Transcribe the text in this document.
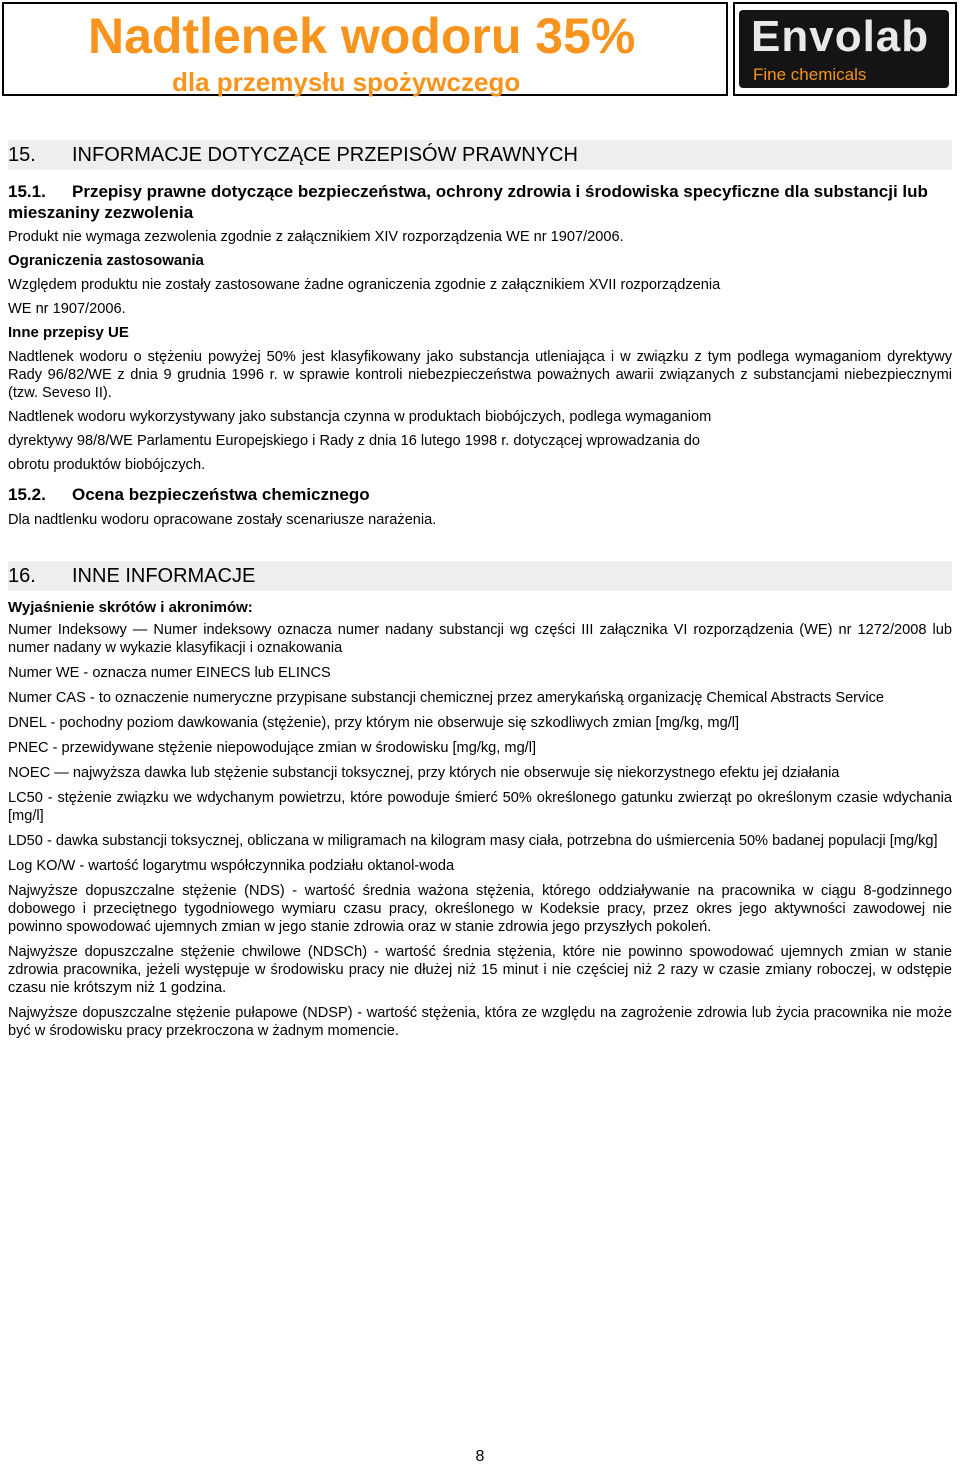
Nadtlenek wodoru 35%
dla przemysłu spożywczego
Envolab
Fine chemicals
15. INFORMACJE DOTYCZĄCE PRZEPISÓW PRAWNYCH
15.1. Przepisy prawne dotyczące bezpieczeństwa, ochrony zdrowia i środowiska specyficzne dla substancji lub mieszaniny zezwolenia

Produkt nie wymaga zezwolenia zgodnie z załącznikiem XIV rozporządzenia WE nr 1907/2006.

Ograniczenia zastosowania

Względem produktu nie zostały zastosowane żadne ograniczenia zgodnie z załącznikiem XVII rozporządzenia

WE nr 1907/2006.

Inne przepisy UE

Nadtlenek wodoru o stężeniu powyżej 50% jest klasyfikowany jako substancja utleniająca i w związku z tym podlega wymaganiom dyrektywy Rady 96/82/WE z dnia 9 grudnia 1996 r. w sprawie kontroli niebezpieczeństwa poważnych awarii związanych z substancjami niebezpiecznymi (tzw. Seveso II).

Nadtlenek wodoru wykorzystywany jako substancja czynna w produktach biobójczych, podlega wymaganiom

dyrektywy 98/8/WE Parlamentu Europejskiego i Rady z dnia 16 lutego 1998 r. dotyczącej wprowadzania do

obrotu produktów biobójczych.

15.2. Ocena bezpieczeństwa chemicznego

Dla nadtlenku wodoru opracowane zostały scenariusze narażenia.

16. INNE INFORMACJE
Wyjaśnienie skrótów i akronimów:

Numer Indeksowy — Numer indeksowy oznacza numer nadany substancji wg części III załącznika VI rozporządzenia (WE) nr 1272/2008 lub numer nadany w wykazie klasyfikacji i oznakowania

Numer WE - oznacza numer EINECS lub ELINCS

Numer CAS - to oznaczenie numeryczne przypisane substancji chemicznej przez amerykańską organizację Chemical Abstracts Service

DNEL - pochodny poziom dawkowania (stężenie), przy którym nie obserwuje się szkodliwych zmian [mg/kg, mg/l]

PNEC - przewidywane stężenie niepowodujące zmian w środowisku [mg/kg, mg/l]

NOEC — najwyższa dawka lub stężenie substancji toksycznej, przy których nie obserwuje się niekorzystnego efektu jej działania

LC50 - stężenie związku we wdychanym powietrzu, które powoduje śmierć 50% określonego gatunku zwierząt po określonym czasie wdychania [mg/l]

LD50 - dawka substancji toksycznej, obliczana w miligramach na kilogram masy ciała, potrzebna do uśmiercenia 50% badanej populacji [mg/kg]

Log KO/W - wartość logarytmu współczynnika podziału oktanol-woda

Najwyższe dopuszczalne stężenie (NDS) - wartość średnia ważona stężenia, którego oddziaływanie na pracownika w ciągu 8-godzinnego dobowego i przeciętnego tygodniowego wymiaru czasu pracy, określonego w Kodeksie pracy, przez okres jego aktywności zawodowej nie powinno spowodować ujemnych zmian w jego stanie zdrowia oraz w stanie zdrowia jego przyszłych pokoleń.

Najwyższe dopuszczalne stężenie chwilowe (NDSCh) - wartość średnia stężenia, które nie powinno spowodować ujemnych zmian w stanie zdrowia pracownika, jeżeli występuje w środowisku pracy nie dłużej niż 15 minut i nie częściej niż 2 razy w czasie zmiany roboczej, w odstępie czasu nie krótszym niż 1 godzina.

Najwyższe dopuszczalne stężenie pułapowe (NDSP) - wartość stężenia, która ze względu na zagrożenie zdrowia lub życia pracownika nie może być w środowisku pracy przekroczona w żadnym momencie.

8
